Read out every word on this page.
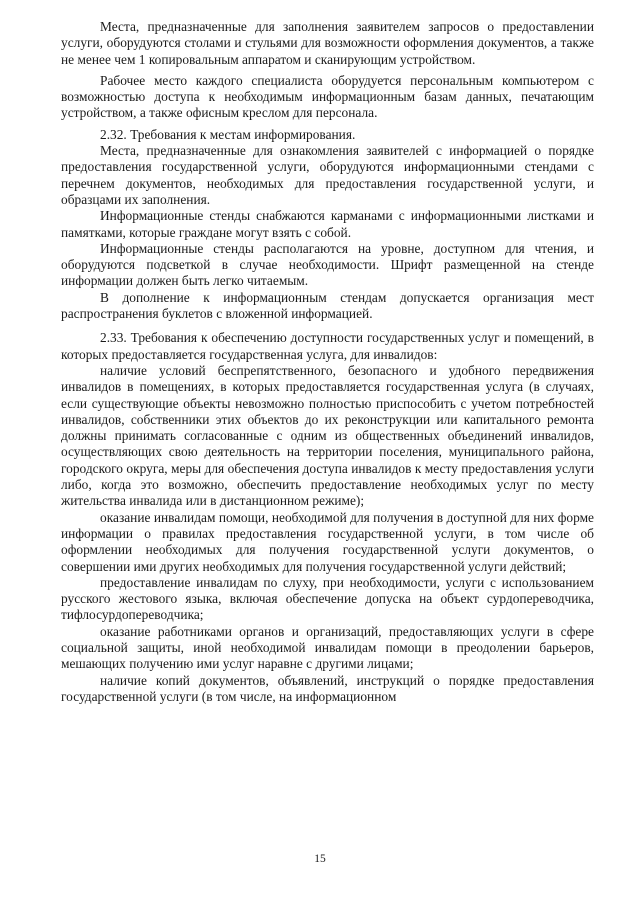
Места, предназначенные для заполнения заявителем запросов о предоставлении услуги, оборудуются столами и стульями для возможности оформления документов, а также не менее чем 1 копировальным аппаратом и сканирующим устройством.

Рабочее место каждого специалиста оборудуется персональным компьютером с возможностью доступа к необходимым информационным базам данных, печатающим устройством, а также офисным креслом для персонала.

2.32. Требования к местам информирования.

Места, предназначенные для ознакомления заявителей с информацией о порядке предоставления государственной услуги, оборудуются информационными стендами с перечнем документов, необходимых для предоставления государственной услуги, и образцами их заполнения.

Информационные стенды снабжаются карманами с информационными листками и памятками, которые граждане могут взять с собой.

Информационные стенды располагаются на уровне, доступном для чтения, и оборудуются подсветкой в случае необходимости. Шрифт размещенной на стенде информации должен быть легко читаемым.

В дополнение к информационным стендам допускается организация мест распространения буклетов с вложенной информацией.

2.33. Требования к обеспечению доступности государственных услуг и помещений, в которых предоставляется государственная услуга, для инвалидов:

наличие условий беспрепятственного, безопасного и удобного передвижения инвалидов в помещениях, в которых предоставляется государственная услуга (в случаях, если существующие объекты невозможно полностью приспособить с учетом потребностей инвалидов, собственники этих объектов до их реконструкции или капитального ремонта должны принимать согласованные с одним из общественных объединений инвалидов, осуществляющих свою деятельность на территории поселения, муниципального района, городского округа, меры для обеспечения доступа инвалидов к месту предоставления услуги либо, когда это возможно, обеспечить предоставление необходимых услуг по месту жительства инвалида или в дистанционном режиме);

оказание инвалидам помощи, необходимой для получения в доступной для них форме информации о правилах предоставления государственной услуги, в том числе об оформлении необходимых для получения государственной услуги документов, о совершении ими других необходимых для получения государственной услуги действий;

предоставление инвалидам по слуху, при необходимости, услуги с использованием русского жестового языка, включая обеспечение допуска на объект сурдопереводчика, тифлосурдопереводчика;

оказание работниками органов и организаций, предоставляющих услуги в сфере социальной защиты, иной необходимой инвалидам помощи в преодолении барьеров, мешающих получению ими услуг наравне с другими лицами;

наличие копий документов, объявлений, инструкций о порядке предоставления государственной услуги (в том числе, на информационном

15
